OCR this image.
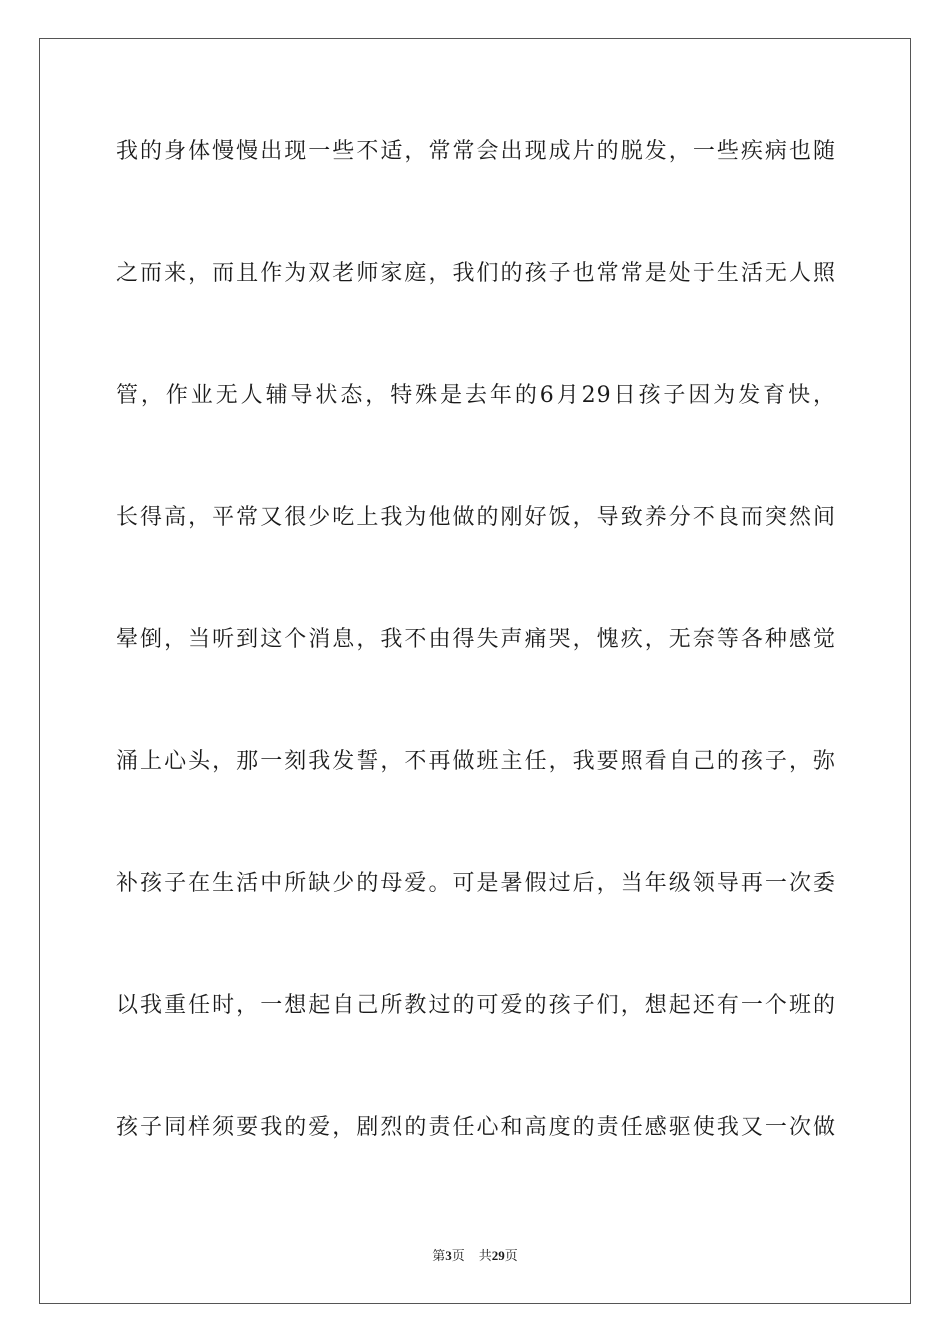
我的身体慢慢出现一些不适，常常会出现成片的脱发，一些疾病也随
之而来，而且作为双老师家庭，我们的孩子也常常是处于生活无人照
管，作业无人辅导状态，特殊是去年的6月29日孩子因为发育快，
长得高，平常又很少吃上我为他做的刚好饭，导致养分不良而突然间
晕倒，当听到这个消息，我不由得失声痛哭，愧疚，无奈等各种感觉
涌上心头，那一刻我发誓，不再做班主任，我要照看自己的孩子，弥
补孩子在生活中所缺少的母爱。可是暑假过后，当年级领导再一次委
以我重任时，一想起自己所教过的可爱的孩子们，想起还有一个班的
孩子同样须要我的爱，剧烈的责任心和高度的责任感驱使我又一次做
第3页 共29页
